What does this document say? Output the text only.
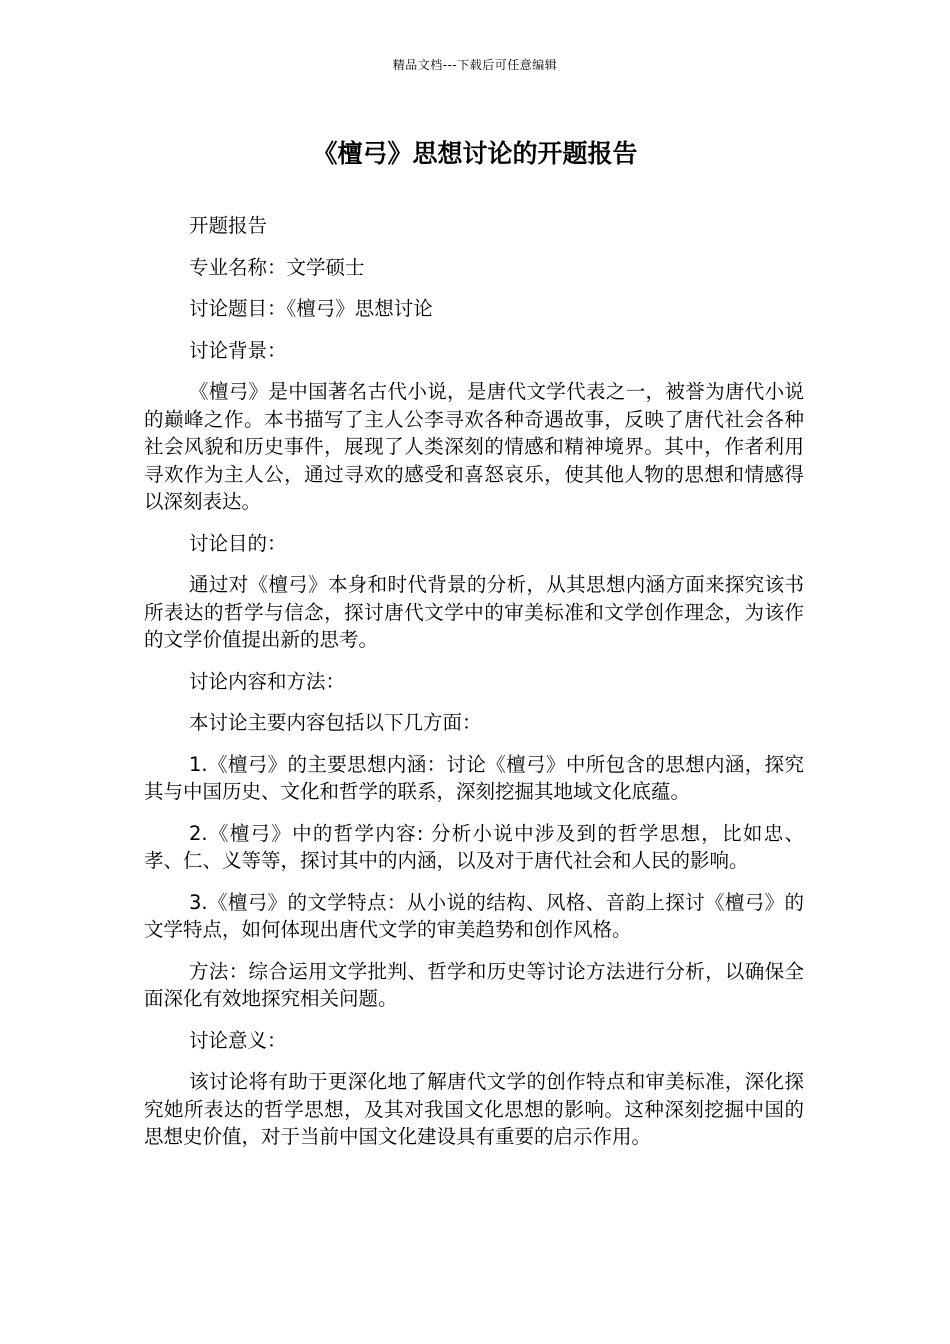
精品文档---下载后可任意编辑
《檀弓》思想讨论的开题报告

开题报告

专业名称：文学硕士

讨论题目：《檀弓》思想讨论

讨论背景：

《檀弓》是中国著名古代小说，是唐代文学代表之一，被誉为唐代小说的巅峰之作。本书描写了主人公李寻欢各种奇遇故事，反映了唐代社会各种社会风貌和历史事件，展现了人类深刻的情感和精神境界。其中，作者利用寻欢作为主人公，通过寻欢的感受和喜怒哀乐，使其他人物的思想和情感得以深刻表达。

讨论目的：

通过对《檀弓》本身和时代背景的分析，从其思想内涵方面来探究该书所表达的哲学与信念，探讨唐代文学中的审美标准和文学创作理念，为该作的文学价值提出新的思考。

讨论内容和方法：

本讨论主要内容包括以下几方面：

1.《檀弓》的主要思想内涵：讨论《檀弓》中所包含的思想内涵，探究其与中国历史、文化和哲学的联系，深刻挖掘其地域文化底蕴。

2.《檀弓》中的哲学内容: 分析小说中涉及到的哲学思想，比如忠、孝、仁、义等等，探讨其中的内涵，以及对于唐代社会和人民的影响。

3.《檀弓》的文学特点：从小说的结构、风格、音韵上探讨《檀弓》的文学特点，如何体现出唐代文学的审美趋势和创作风格。

方法：综合运用文学批判、哲学和历史等讨论方法进行分析，以确保全面深化有效地探究相关问题。

讨论意义：

该讨论将有助于更深化地了解唐代文学的创作特点和审美标准，深化探究她所表达的哲学思想，及其对我国文化思想的影响。这种深刻挖掘中国的思想史价值，对于当前中国文化建设具有重要的启示作用。
